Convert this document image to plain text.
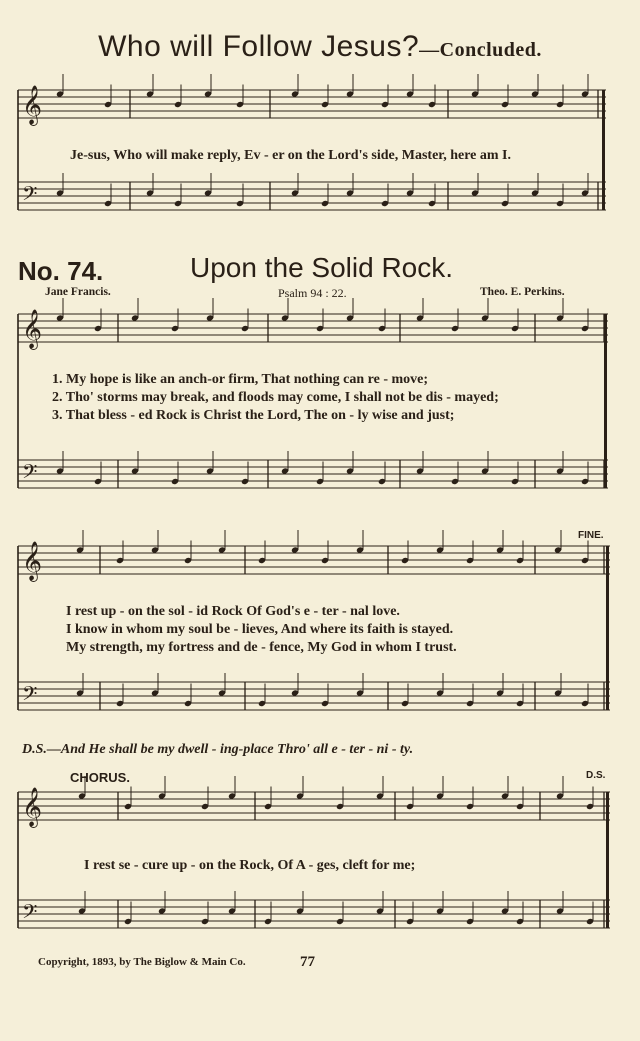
Who will Follow Jesus?—Concluded.
𝄞
𝄢
𝄞
𝄢
𝄞
𝄢
𝄞
𝄢
Je-sus, Who will make reply, Ev - er on the Lord's side, Master, here am I.
No. 74.	Upon the Solid Rock.
Jane Francis.	Psalm 94 : 22.	Theo. E. Perkins.
1. My hope is like an anch-or firm, That nothing can re - move;
2. Tho' storms may break, and floods may come, I shall not be dis - mayed;
3. That bless - ed Rock is Christ the Lord, The on - ly wise and just;
FINE.
I rest up - on the sol - id Rock Of God's e - ter - nal love.
I know in whom my soul be - lieves, And where its faith is stayed.
My strength, my fortress and de - fence, My God in whom I trust.
D.S.—And He shall be my dwell - ing-place Thro' all e - ter - ni - ty.
CHORUS.	D.S.
I rest se - cure up - on the Rock, Of A - ges, cleft for me;
Copyright, 1893, by The Biglow & Main Co.	77
